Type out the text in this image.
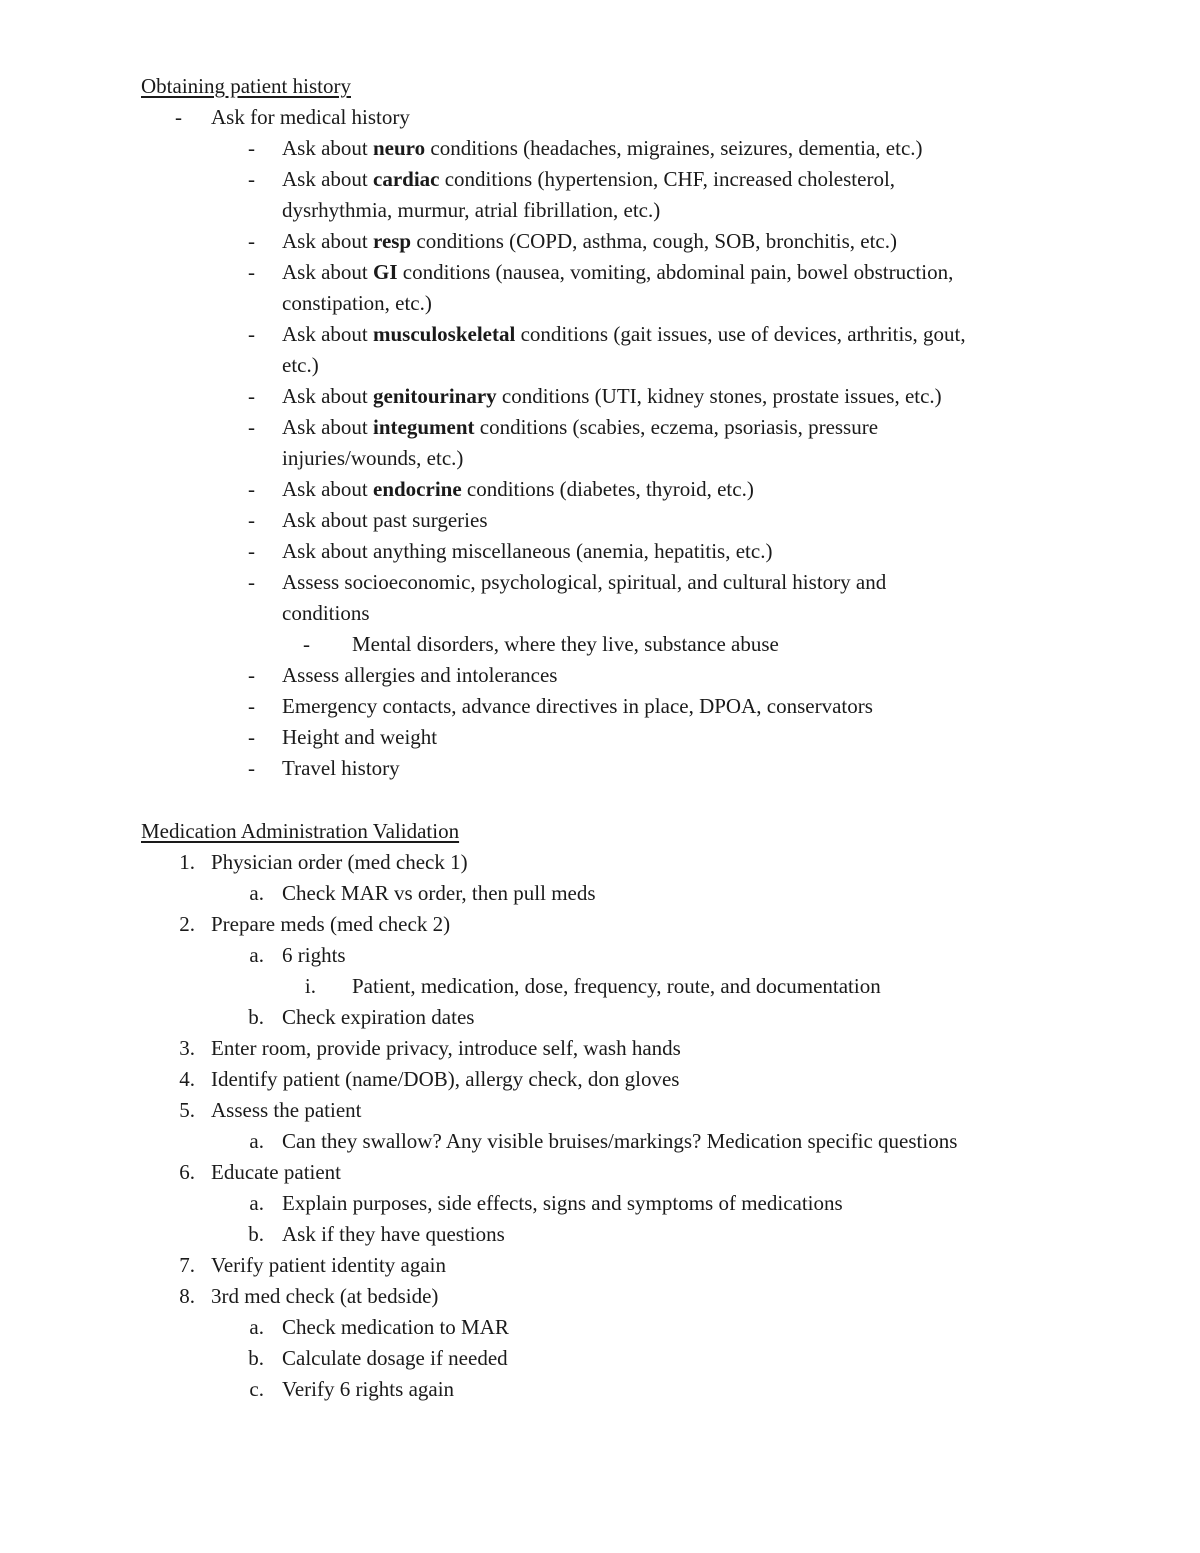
Obtaining patient history
- Ask for medical history
- Ask about neuro conditions (headaches, migraines, seizures, dementia, etc.)
- Ask about cardiac conditions (hypertension, CHF, increased cholesterol,
dysrhythmia, murmur, atrial fibrillation, etc.)
- Ask about resp conditions (COPD, asthma, cough, SOB, bronchitis, etc.)
- Ask about GI conditions (nausea, vomiting, abdominal pain, bowel obstruction,
constipation, etc.)
- Ask about musculoskeletal conditions (gait issues, use of devices, arthritis, gout,
etc.)
- Ask about genitourinary conditions (UTI, kidney stones, prostate issues, etc.)
- Ask about integument conditions (scabies, eczema, psoriasis, pressure
injuries/wounds, etc.)
- Ask about endocrine conditions (diabetes, thyroid, etc.)
- Ask about past surgeries
- Ask about anything miscellaneous (anemia, hepatitis, etc.)
- Assess socioeconomic, psychological, spiritual, and cultural history and
conditions
- Mental disorders, where they live, substance abuse
- Assess allergies and intolerances
- Emergency contacts, advance directives in place, DPOA, conservators
- Height and weight
- Travel history
Medication Administration Validation
1. Physician order (med check 1)
a. Check MAR vs order, then pull meds
2. Prepare meds (med check 2)
a. 6 rights
i. Patient, medication, dose, frequency, route, and documentation
b. Check expiration dates
3. Enter room, provide privacy, introduce self, wash hands
4. Identify patient (name/DOB), allergy check, don gloves
5. Assess the patient
a. Can they swallow? Any visible bruises/markings? Medication specific questions
6. Educate patient
a. Explain purposes, side effects, signs and symptoms of medications
b. Ask if they have questions
7. Verify patient identity again
8. 3rd med check (at bedside)
a. Check medication to MAR
b. Calculate dosage if needed
c. Verify 6 rights again
